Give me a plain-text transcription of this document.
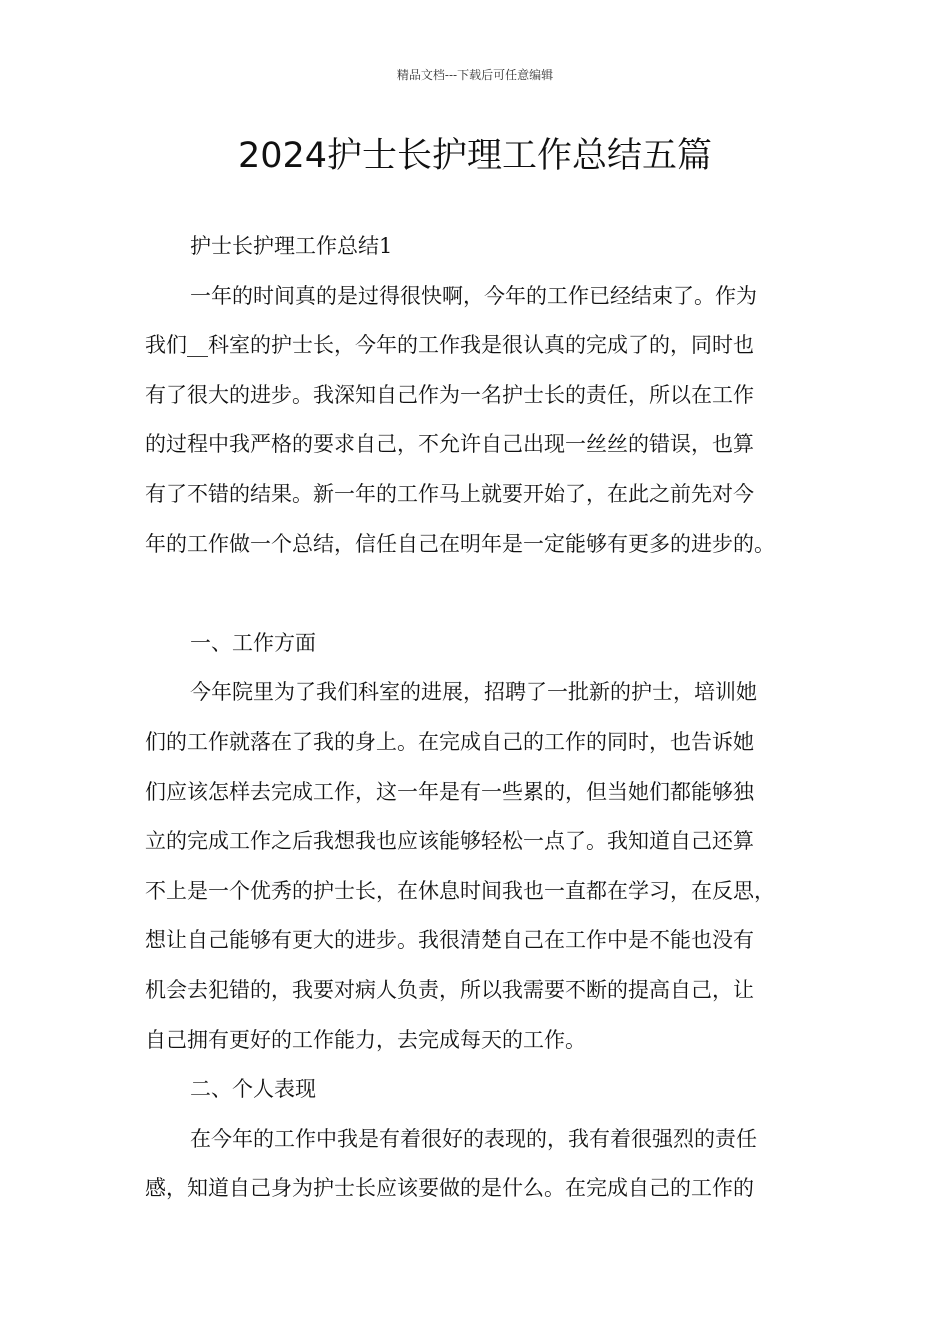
精品文档---下载后可任意编辑
2024护士长护理工作总结五篇
护士长护理工作总结1
一年的时间真的是过得很快啊，今年的工作已经结束了。作为
我们__科室的护士长，今年的工作我是很认真的完成了的，同时也
有了很大的进步。我深知自己作为一名护士长的责任，所以在工作
的过程中我严格的要求自己，不允许自己出现一丝丝的错误，也算
有了不错的结果。新一年的工作马上就要开始了，在此之前先对今
年的工作做一个总结，信任自己在明年是一定能够有更多的进步的。
一、工作方面
今年院里为了我们科室的进展，招聘了一批新的护士，培训她
们的工作就落在了我的身上。在完成自己的工作的同时，也告诉她
们应该怎样去完成工作，这一年是有一些累的，但当她们都能够独
立的完成工作之后我想我也应该能够轻松一点了。我知道自己还算
不上是一个优秀的护士长，在休息时间我也一直都在学习，在反思，
想让自己能够有更大的进步。我很清楚自己在工作中是不能也没有
机会去犯错的，我要对病人负责，所以我需要不断的提高自己，让
自己拥有更好的工作能力，去完成每天的工作。
二、个人表现
在今年的工作中我是有着很好的表现的，我有着很强烈的责任
感，知道自己身为护士长应该要做的是什么。在完成自己的工作的
